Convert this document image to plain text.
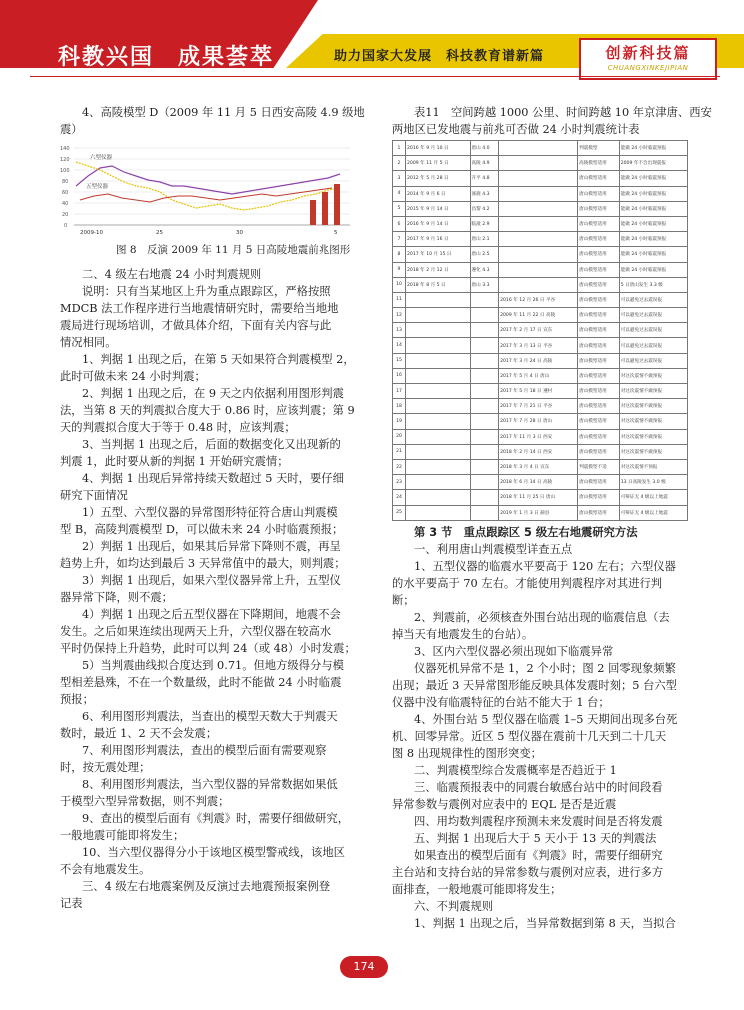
科教兴国　成果荟萃	助力国家大发展　科技教育谱新篇	创新科技篇
CHUANGXINKEJIPIAN
4、高陵模型 D（2009 年 11 月 5 日西安高陵 4.9 级地
震）
140
120
100
80
60
40
20
0
六型仪器
五型仪器
2009-10	25	30	5
图 8　反演 2009 年 11 月 5 日高陵地震前兆图形
二、4 级左右地震 24 小时判震规则
说明：只有当某地区上升为重点跟踪区，严格按照
MDCB 法工作程序进行当地震情研究时，需要给当地地
震局进行现场培训，才做具体介绍，下面有关内容与此
情况相同。
1、判据 1 出现之后，在第 5 天如果符合判震模型 2，
此时可做未来 24 小时判震；
2、判据 1 出现之后，在 9 天之内依据利用图形判震
法，当第 8 天的判震拟合度大于 0.86 时，应该判震；第 9
天的判震拟合度大于等于 0.48 时，应该判震；
3、当判据 1 出现之后，后面的数据变化又出现新的
判震 1，此时要从新的判据 1 开始研究震情；
4、判据 1 出现后异常持续天数超过 5 天时，要仔细
研究下面情况
1）五型、六型仪器的异常图形特征符合唐山判震模
型 B，高陵判震模型 D，可以做未来 24 小时临震预报；
2）判据 1 出现后，如果其后异常下降则不震，再呈
趋势上升，如均达到最后 3 天异常值中的最大，则判震；
3）判据 1 出现后，如果六型仪器异常上升，五型仪
器异常下降，则不震；
4）判据 1 出现之后五型仪器在下降期间，地震不会
发生。之后如果连续出现两天上升，六型仪器在较高水
平时仍保持上升趋势，此时可以判 24（或 48）小时发震；
5）当判震曲线拟合度达到 0.71。但地方级得分与模
型相差悬殊，不在一个数量级，此时不能做 24 小时临震
预报；
6、利用图形判震法，当查出的模型天数大于判震天
数时，最近 1、2 天不会发震；
7、利用图形判震法，查出的模型后面有需要观察
时，按无震处理；
8、利用图形判震法，当六型仪器的异常数据如果低
于模型六型异常数据，则不判震；
9、查出的模型后面有《判震》时，需要仔细做研究，
一般地震可能即将发生；
10、当六型仪器得分小于该地区模型警戒线，该地区
不会有地震发生。
三、4 级左右地震案例及反演过去地震预报案例登
记表
表11　空间跨越 1000 公里、时间跨越 10 年京津唐、西安
两地区已发地震与前兆可否做 24 小时判震统计表
1	2016 年 9 月 10 日	唐山 4.0		判震模型	能做 24 小时临震预报
2	2009 年 11 月 5 日	高陵 4.9		高陵模型适用	2009 年不会出现震报
3	2012 年 5 月 28 日	开平 4.8		唐山模型适用	能做 24 小时临震预报
4	2014 年 9 月 6 日	涿鹿 4.3		唐山模型适用	能做 24 小时临震预报
5	2015 年 9 月 14 日	昌黎 4.2		唐山模型适用	能做 24 小时临震预报
6	2016 年 9 月 14 日	临潼 2.9		唐山模型适用	能做 24 小时临震预报
7	2017 年 9 月 16 日	唐山 2.1		唐山模型适用	能做 24 小时临震预报
8	2017 年 10 月 15 日	唐山 2.5		唐山模型适用	能做 24 小时临震预报
9	2018 年 2 月 12 日	遵化 4.3		唐山模型适用	能做 24 小时临震预报
10	2018 年 8 月 5 日	唐山 3.3		唐山模型适用	5 日唐山发生 3.3 级
11			2016 年 12 月 26 日 平谷	唐山模型适用	可以避免过去震误报
12			2009 年 11 月 22 日 高陵	唐山模型适用	可以避免过去震误报
13			2017 年 2 月 17 日 宣东	唐山模型适用	可以避免过去震误报
14			2017 年 3 月 13 日 平谷	唐山模型适用	可以避免过去震误报
15			2017 年 3 月 24 日 高陵	唐山模型适用	可以避免过去震误报
16			2017 年 5 月 4 日 唐山	唐山模型适用	对这次震情不做预报
17			2017 年 5 月 18 日 遵村	唐山模型适用	对这次震情不做预报
18			2017 年 7 月 21 日 平谷	唐山模型适用	对这次震情不做预报
19			2017 年 7 月 28 日 唐山	唐山模型适用	对这次震情不做预报
20			2017 年 11 月 3 日 西安	唐山模型适用	对这次震情不做预报
21			2018 年 2 月 14 日 西安	唐山模型适用	对这次震情不做预报
22			2018 年 3 月 4 日 宣东	判震模型不适	对这次震情不预报
23			2018 年 6 月 14 日 高陵	唐山模型适用	13 日高陵发生 3.0 级
24			2018 年 11 月 25 日 唐山	唐山模型适用	可辩证无 4 级以上地震
25			2019 年 1 月 3 日 蓟县	唐山模型适用	可辩证无 4 级以上地震
第 3 节　重点跟踪区 5 级左右地震研究方法
一、利用唐山判震模型详查五点
1、五型仪器的临震水平要高于 120 左右；六型仪器
的水平要高于 70 左右。才能使用判震程序对其进行判
断；
2、判震前，必须核查外围台站出现的临震信息（去
掉当天有地震发生的台站）。
3、区内六型仪器必须出现如下临震异常
仪器死机异常不是 1，2 个小时；图 2 回零现象频繁
出现；最近 3 天异常图形能反映具体发震时刻；5 台六型
仪器中没有临震特征的台站不能大于 1 台；
4、外围台站 5 型仪器在临震 1–5 天期间出现多台死
机、回零异常。近区 5 型仪器在震前十几天到二十几天
图 8 出现规律性的图形突变；
二、判震模型综合发震概率是否趋近于 1
三、临震预报表中的同震台敏感台站中的时间段看
异常参数与震例对应表中的 EQL 是否是近震
四、用均数判震程序预测未来发震时间是否将发震
五、判据 1 出现后大于 5 天小于 13 天的判震法
如果查出的模型后面有《判震》时，需要仔细研究
主台站和支持台站的异常参数与震例对应表，进行多方
面排查，一般地震可能即将发生；
六、不判震规则
1、判据 1 出现之后，当异常数据到第 8 天，当拟合
174
